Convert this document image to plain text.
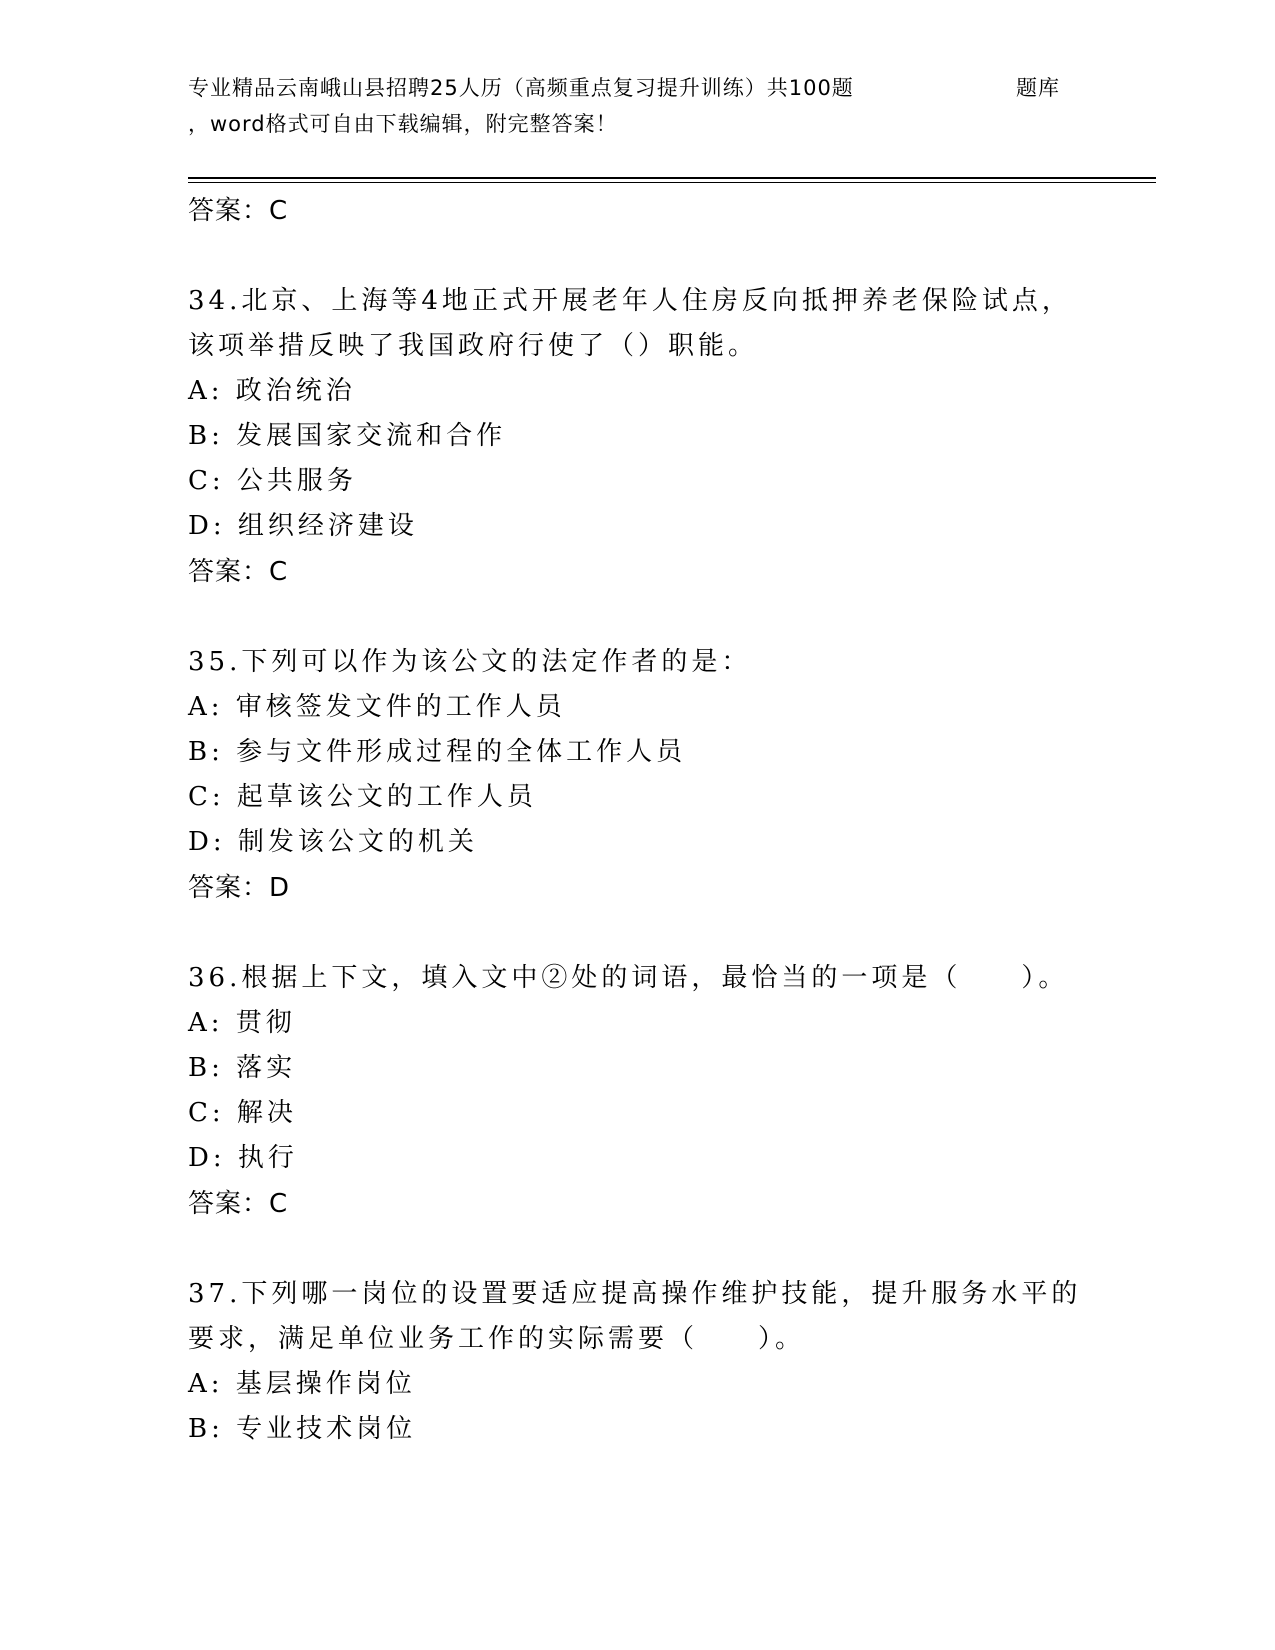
专业精品云南峨山县招聘25人历（高频重点复习提升训练）共100题	题库
，word格式可自由下载编辑，附完整答案！
答案：C

34.北京、上海等4地正式开展老年人住房反向抵押养老保险试点，该项举措反映了我国政府行使了（）职能。

A: 政治统治
B: 发展国家交流和合作
C: 公共服务
D: 组织经济建设
答案：C

35.下列可以作为该公文的法定作者的是：

A: 审核签发文件的工作人员
B: 参与文件形成过程的全体工作人员
C: 起草该公文的工作人员
D: 制发该公文的机关
答案：D

36.根据上下文，填入文中②处的词语，最恰当的一项是（　　）。

A: 贯彻
B: 落实
C: 解决
D: 执行
答案：C

37.下列哪一岗位的设置要适应提高操作维护技能，提升服务水平的要求，满足单位业务工作的实际需要（　　）。

A: 基层操作岗位
B: 专业技术岗位
